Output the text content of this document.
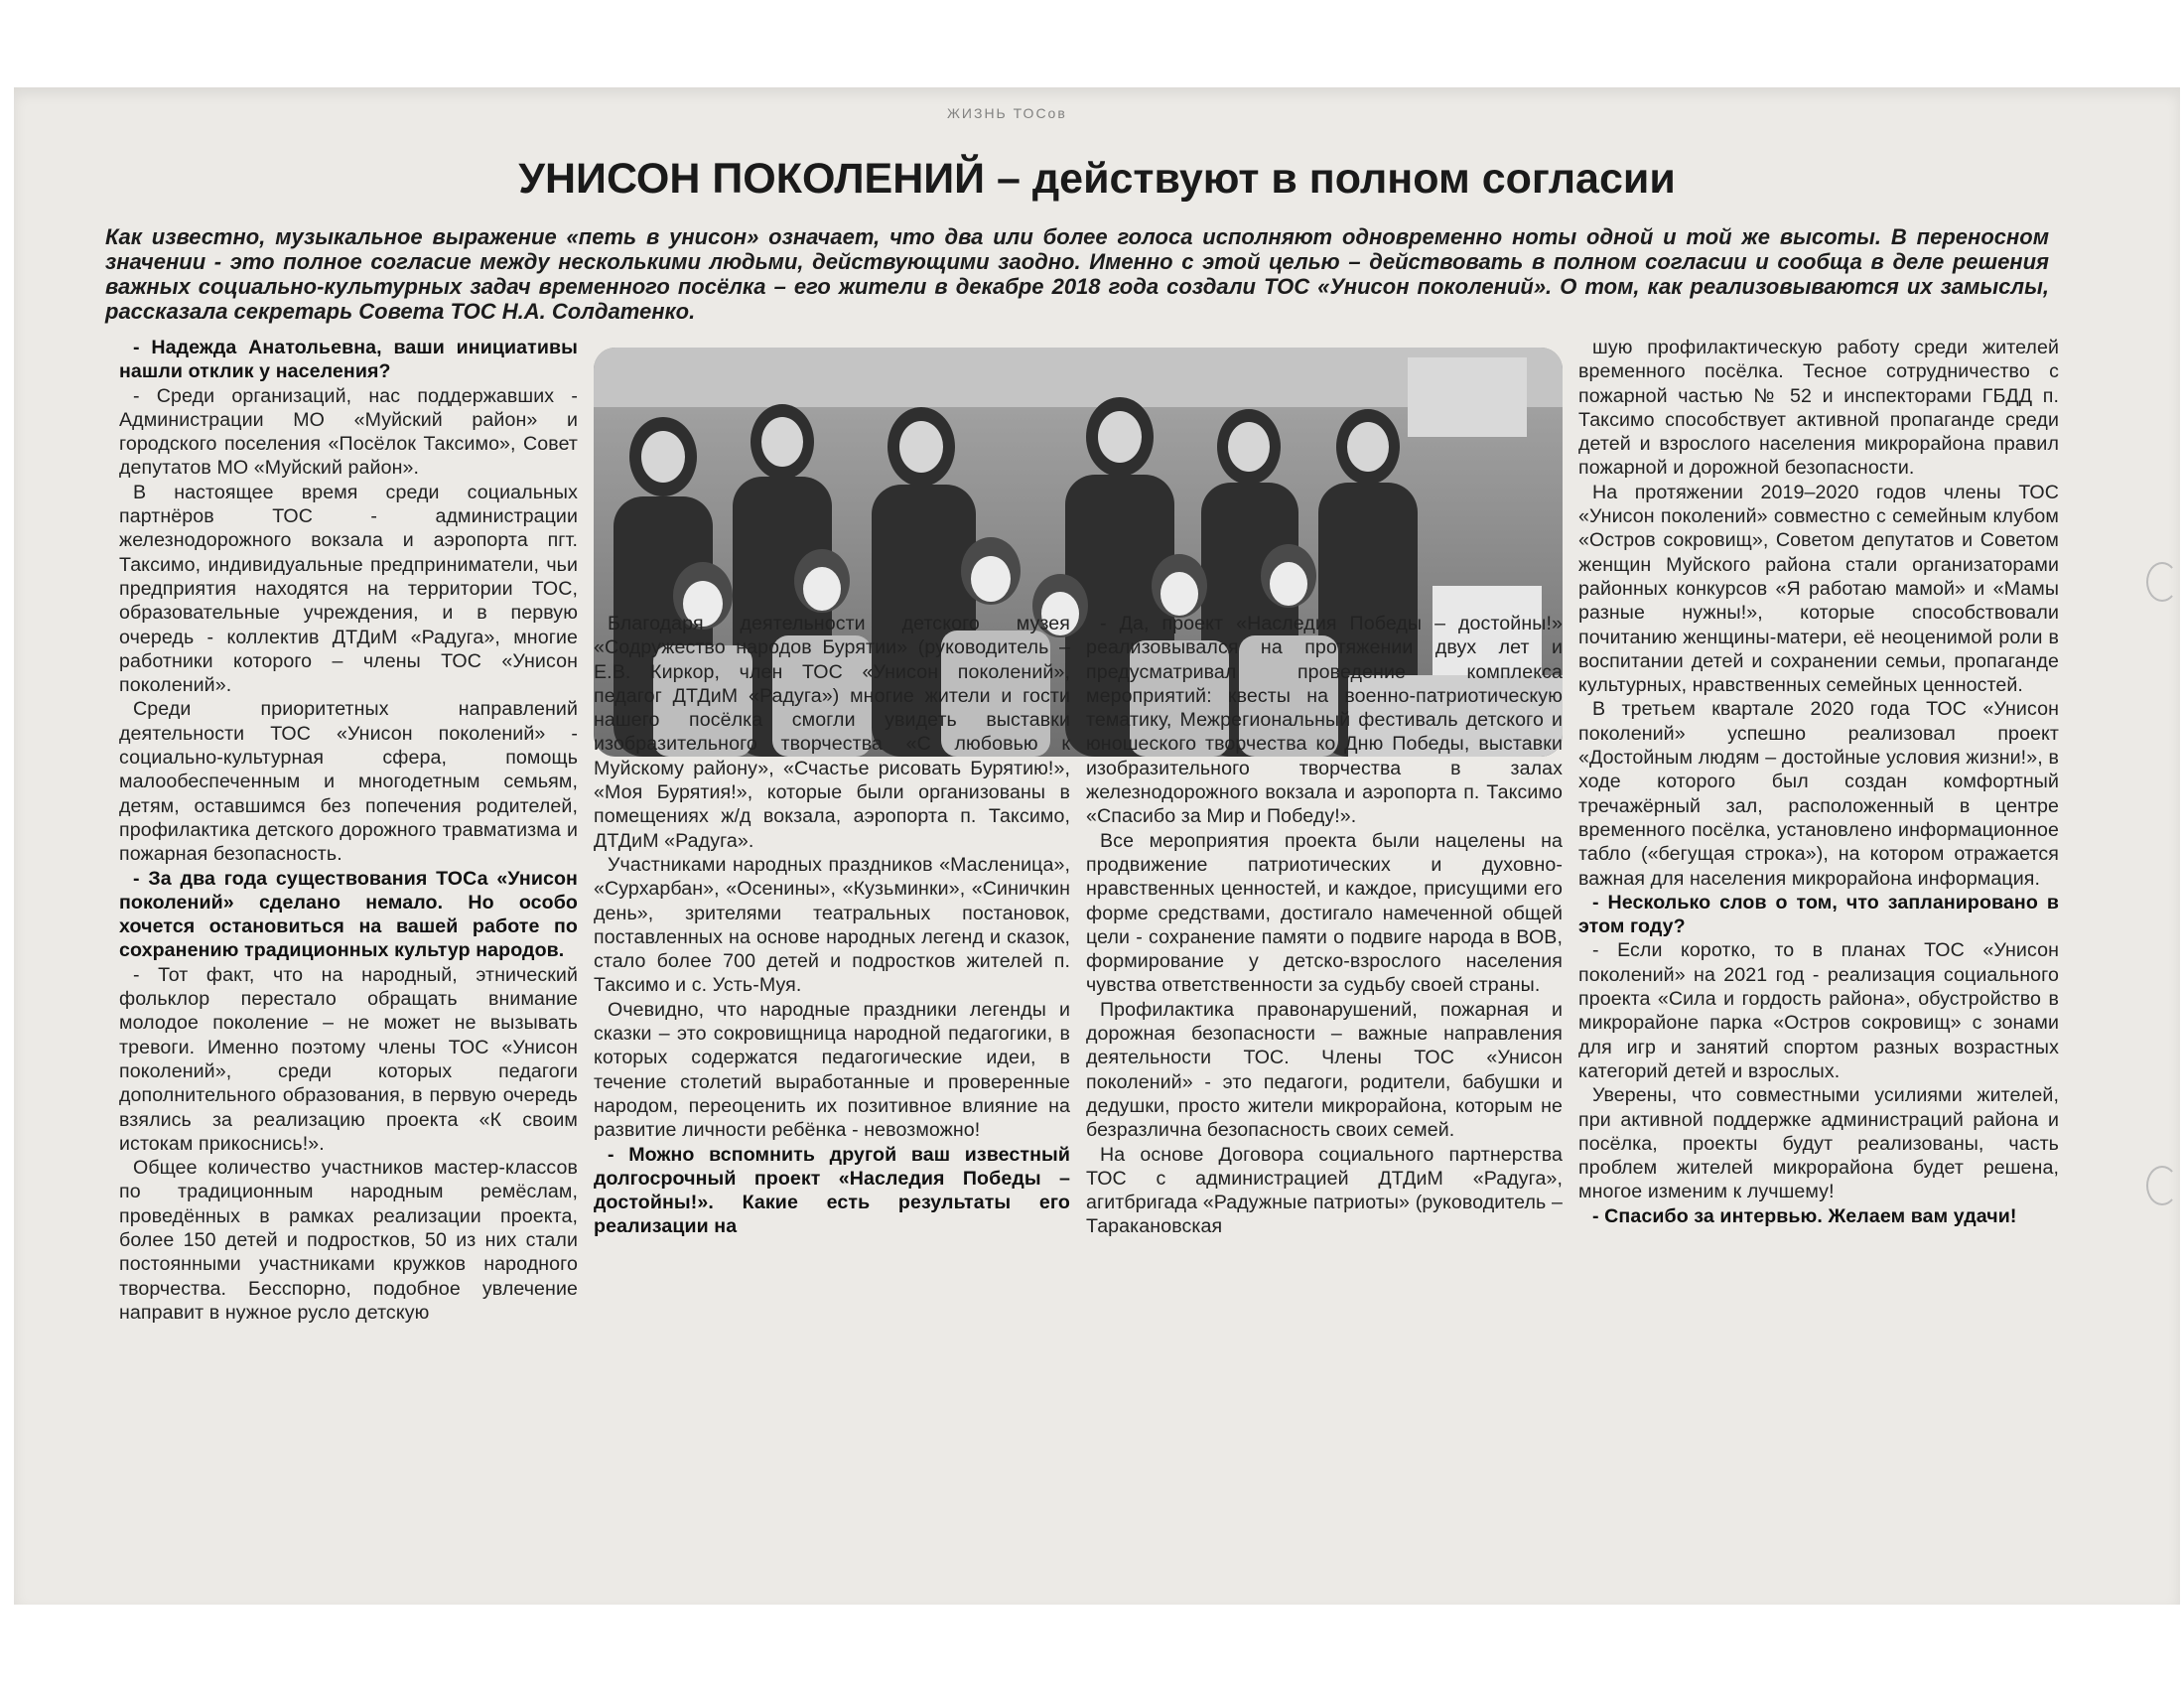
ЖИЗНЬ ТОСов
УНИСОН ПОКОЛЕНИЙ – действуют в полном согласии
Как известно, музыкальное выражение «петь в унисон» означает, что два или более голоса исполняют одновременно ноты одной и той же высоты. В переносном значении - это полное согласие между несколькими людьми, действующими заодно. Именно с этой целью – действовать в полном согласии и сообща в деле решения важных социально-культурных задач временного посёлка – его жители в декабре 2018 года создали ТОС «Унисон поколений». О том, как реализовываются их замыслы, рассказала секретарь Совета ТОС Н.А. Солдатенко.

- Надежда Анатольевна, ваши инициативы нашли отклик у населения?

- Среди организаций, нас поддержавших - Администрации МО «Муйский район» и городского поселения «Посёлок Таксимо», Совет депутатов МО «Муйский район».

В настоящее время среди социальных партнёров ТОС - администрации железнодорожного вокзала и аэропорта пгт. Таксимо, индивидуальные предприниматели, чьи предприятия находятся на территории ТОС, образовательные учреждения, и в первую очередь - коллектив ДТДиМ «Радуга», многие работники которого – члены ТОС «Унисон поколений».

Среди приоритетных направлений деятельности ТОС «Унисон поколений» - социально-культурная сфера, помощь малообеспеченным и многодетным семьям, детям, оставшимся без попечения родителей, профилактика детского дорожного травматизма и пожарная безопасность.

- За два года существования ТОСа «Унисон поколений» сделано немало. Но особо хочется остановиться на вашей работе по сохранению традиционных культур народов.

- Тот факт, что на народный, этнический фольклор перестало обращать внимание молодое поколение – не может не вызывать тревоги. Именно поэтому члены ТОС «Унисон поколений», среди которых педагоги дополнительного образования, в первую очередь взялись за реализацию проекта «К своим истокам прикоснись!».

Общее количество участников мастер-классов по традиционным народным ремёслам, проведённых в рамках реализации проекта, более 150 детей и подростков, 50 из них стали постоянными участниками кружков народного творчества. Бесспорно, подобное увлечение направит в нужное русло детскую

Благодаря деятельности детского музея «Содружество народов Бурятии» (руководитель – Е.В. Киркор, член ТОС «Унисон поколений», педагог ДТДиМ «Радуга») многие жители и гости нашего посёлка смогли увидеть выставки изобразительного творчества «С любовью к Муйскому району», «Счастье рисовать Бурятию!», «Моя Бурятия!», которые были организованы в помещениях ж/д вокзала, аэропорта п. Таксимо, ДТДиМ «Радуга».

Участниками народных праздников «Масленица», «Сурхарбан», «Осенины», «Кузьминки», «Синичкин день», зрителями театральных постановок, поставленных на основе народных легенд и сказок, стало более 700 детей и подростков жителей п. Таксимо и с. Усть-Муя.

Очевидно, что народные праздники легенды и сказки – это сокровищница народной педагогики, в которых содержатся педагогические идеи, в течение столетий выработанные и проверенные народом, переоценить их позитивное влияние на развитие личности ребёнка - невозможно!

- Можно вспомнить другой ваш известный долгосрочный проект «Наследия Победы – достойны!». Какие есть результаты его реализации на

- Да, проект «Наследия Победы – достойны!» реализовывался на протяжении двух лет и предусматривал проведение комплекса мероприятий: квесты на военно-патриотическую тематику, Межрегиональный фестиваль детского и юношеского творчества ко Дню Победы, выставки изобразительного творчества в залах железнодорожного вокзала и аэропорта п. Таксимо «Спасибо за Мир и Победу!».

Все мероприятия проекта были нацелены на продвижение патриотических и духовно-нравственных ценностей, и каждое, присущими его форме средствами, достигало намеченной общей цели - сохранение памяти о подвиге народа в ВОВ, формирование у детско-взрослого населения чувства ответственности за судьбу своей страны.

Профилактика правонарушений, пожарная и дорожная безопасности – важные направления деятельности ТОС. Члены ТОС «Унисон поколений» - это педагоги, родители, бабушки и дедушки, просто жители микрорайона, которым не безразлична безопасность своих семей.

На основе Договора социального партнерства ТОС с администрацией ДТДиМ «Радуга», агитбригада «Радужные патриоты» (руководитель – Таракановская

шую профилактическую работу среди жителей временного посёлка. Тесное сотрудничество с пожарной частью № 52 и инспекторами ГБДД п. Таксимо способствует активной пропаганде среди детей и взрослого населения микрорайона правил пожарной и дорожной безопасности.

На протяжении 2019–2020 годов члены ТОС «Унисон поколений» совместно с семейным клубом «Остров сокровищ», Советом депутатов и Советом женщин Муйского района стали организаторами районных конкурсов «Я работаю мамой» и «Мамы разные нужны!», которые способствовали почитанию женщины-матери, её неоценимой роли в воспитании детей и сохранении семьи, пропаганде культурных, нравственных семейных ценностей.

В третьем квартале 2020 года ТОС «Унисон поколений» успешно реализовал проект «Достойным людям – достойные условия жизни!», в ходе которого был создан комфортный тречажёрный зал, расположенный в центре временного посёлка, установлено информационное табло («бегущая строка»), на котором отражается важная для населения микрорайона информация.

- Несколько слов о том, что запланировано в этом году?

- Если коротко, то в планах ТОС «Унисон поколений» на 2021 год - реализация социального проекта «Сила и гордость района», обустройство в микрорайоне парка «Остров сокровищ» с зонами для игр и занятий спортом разных возрастных категорий детей и взрослых.

Уверены, что совместными усилиями жителей, при активной поддержке администраций района и посёлка, проекты будут реализованы, часть проблем жителей микрорайона будет решена, многое изменим к лучшему!

- Спасибо за интервью. Желаем вам удачи!
